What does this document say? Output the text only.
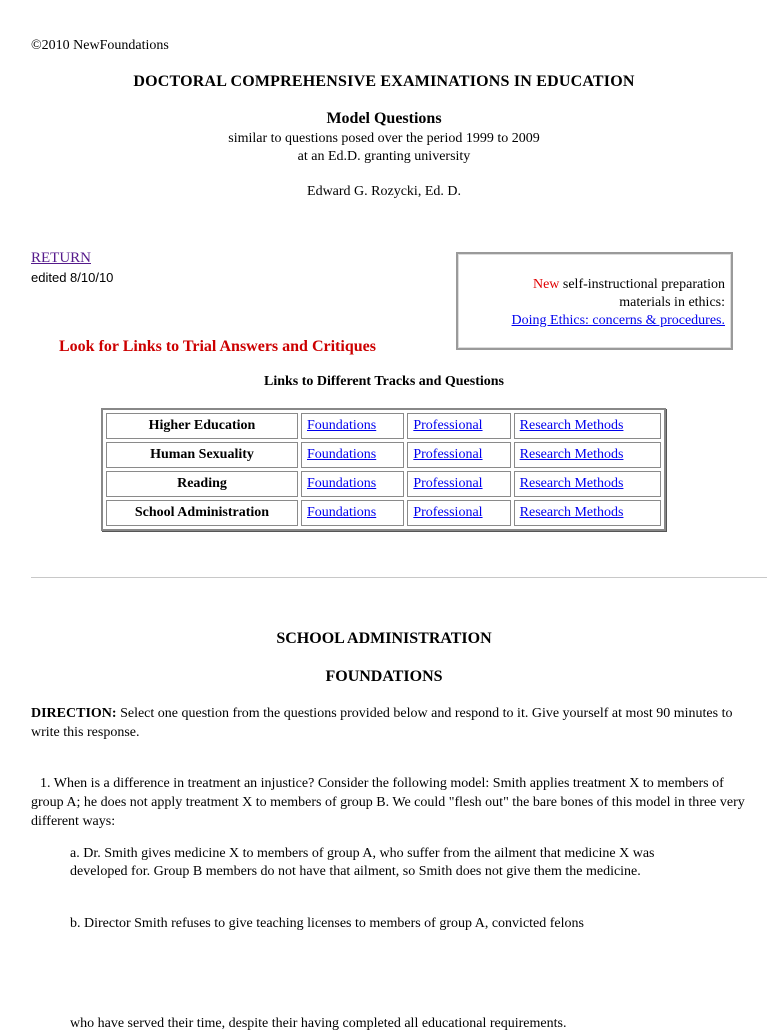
©2010 NewFoundations
DOCTORAL COMPREHENSIVE EXAMINATIONS IN EDUCATION
Model Questions
similar to questions posed over the period 1999 to 2009
at an Ed.D. granting university
Edward G. Rozycki, Ed. D.
RETURN
edited 8/10/10	New self-instructional preparation
materials in ethics:
Doing Ethics: concerns & procedures.
Look for Links to Trial Answers and Critiques
Links to Different Tracks and Questions
Higher Education	Foundations	Professional	Research Methods
Human Sexuality	Foundations	Professional	Research Methods
Reading	Foundations	Professional	Research Methods
School Administration	Foundations	Professional	Research Methods
SCHOOL ADMINISTRATION
FOUNDATIONS
DIRECTION: Select one question from the questions provided below and respond to it. Give yourself at most 90 minutes to write this response.
1. When is a difference in treatment an injustice? Consider the following model: Smith applies treatment X to members of group A; he does not apply treatment X to members of group B. We could "flesh out" the bare bones of this model in three very different ways:
a. Dr. Smith gives medicine X to members of group A, who suffer from the ailment that medicine X was developed for. Group B members do not have that ailment, so Smith does not give them the medicine.
b. Director Smith refuses to give teaching licenses to members of group A, convicted felons
who have served their time, despite their having completed all educational requirements.
